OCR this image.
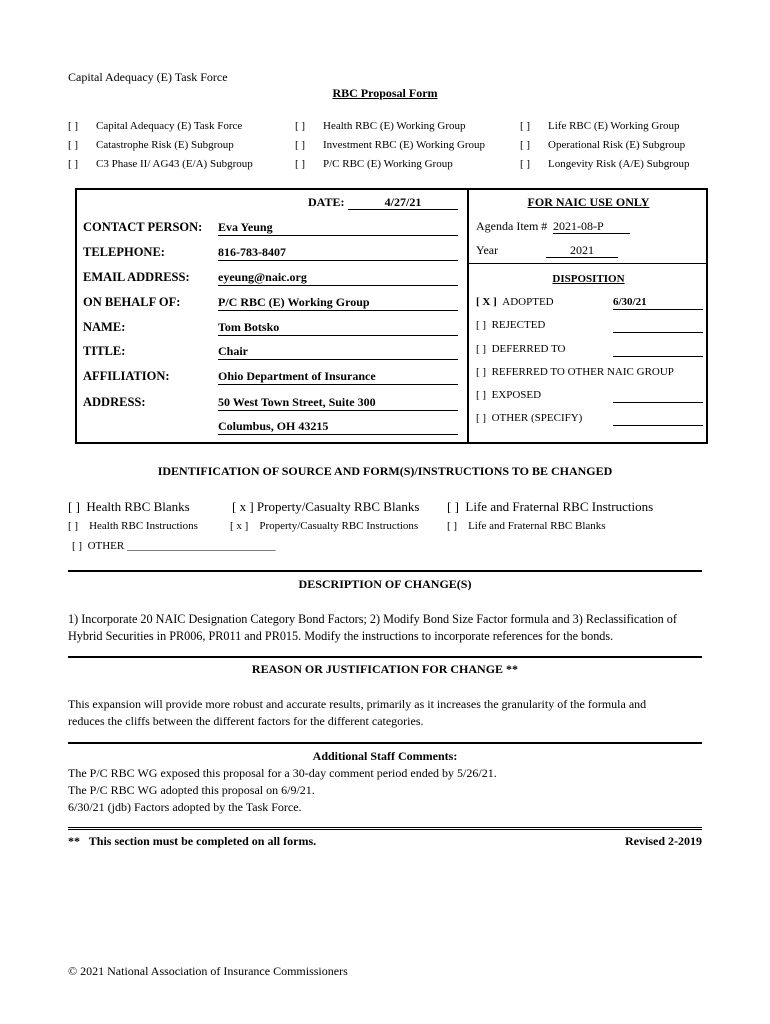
Capital Adequacy (E) Task Force
RBC Proposal Form
[ ] Capital Adequacy (E) Task Force	[ ] Health RBC (E) Working Group	[ ] Life RBC (E) Working Group
[ ] Catastrophe Risk (E) Subgroup	[ ] Investment RBC (E) Working Group	[ ] Operational Risk (E) Subgroup
[ ] C3 Phase II/ AG43 (E/A) Subgroup	[ ] P/C RBC (E) Working Group	[ ] Longevity Risk (A/E) Subgroup
DATE:	4/27/21
CONTACT PERSON: Eva Yeung
TELEPHONE:	816-783-8407
EMAIL ADDRESS: eyeung@naic.org
ON BEHALF OF:	P/C RBC (E) Working Group
NAME:	Tom Botsko
TITLE:	Chair
AFFILIATION:	Ohio Department of Insurance
ADDRESS:	50 West Town Street, Suite 300
Columbus, OH 43215
FOR NAIC USE ONLY
Agenda Item # 2021-08-P
Year	2021
DISPOSITION
[ X ] ADOPTED	6/30/21
[ ] REJECTED
[ ] DEFERRED TO
[ ] REFERRED TO OTHER NAIC GROUP
[ ] EXPOSED
[ ] OTHER (SPECIFY)
IDENTIFICATION OF SOURCE AND FORM(S)/INSTRUCTIONS TO BE CHANGED
[ ] Health RBC Blanks	[ x ] Property/Casualty RBC Blanks [ ] Life and Fraternal RBC Instructions
[ ] Health RBC Instructions	[ x ] Property/Casualty RBC Instructions	[ ] Life and Fraternal RBC Blanks
[ ] OTHER ___________________________
DESCRIPTION OF CHANGE(S)
1) Incorporate 20 NAIC Designation Category Bond Factors; 2) Modify Bond Size Factor formula and 3) Reclassification of
Hybrid Securities in PR006, PR011 and PR015. Modify the instructions to incorporate references for the bonds.
REASON OR JUSTIFICATION FOR CHANGE **
This expansion will provide more robust and accurate results, primarily as it increases the granularity of the formula and
reduces the cliffs between the different factors for the different categories.
Additional Staff Comments:
The P/C RBC WG exposed this proposal for a 30-day comment period ended by 5/26/21.
The P/C RBC WG adopted this proposal on 6/9/21.
6/30/21 (jdb) Factors adopted by the Task Force.
**   This section must be completed on all forms.	Revised 2-2019
© 2021 National Association of Insurance Commissioners
